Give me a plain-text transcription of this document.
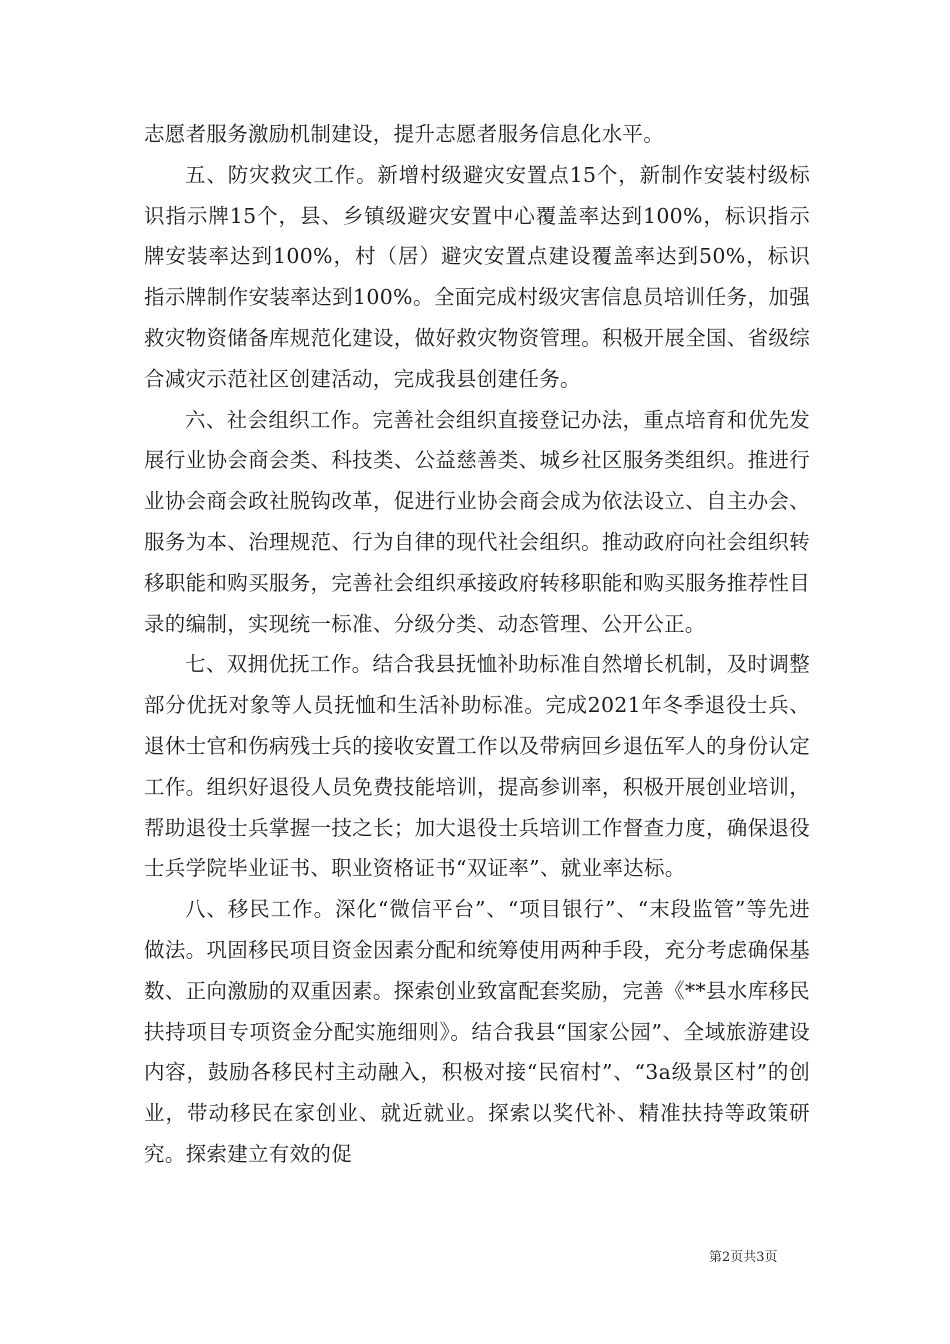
志愿者服务激励机制建设，提升志愿者服务信息化水平。

五、防灾救灾工作。新增村级避灾安置点15个，新制作安装村级标识指示牌15个，县、乡镇级避灾安置中心覆盖率达到100%，标识指示牌安装率达到100%，村（居）避灾安置点建设覆盖率达到50%，标识指示牌制作安装率达到100%。全面完成村级灾害信息员培训任务，加强救灾物资储备库规范化建设，做好救灾物资管理。积极开展全国、省级综合减灾示范社区创建活动，完成我县创建任务。

六、社会组织工作。完善社会组织直接登记办法，重点培育和优先发展行业协会商会类、科技类、公益慈善类、城乡社区服务类组织。推进行业协会商会政社脱钩改革，促进行业协会商会成为依法设立、自主办会、服务为本、治理规范、行为自律的现代社会组织。推动政府向社会组织转移职能和购买服务，完善社会组织承接政府转移职能和购买服务推荐性目录的编制，实现统一标准、分级分类、动态管理、公开公正。

七、双拥优抚工作。结合我县抚恤补助标准自然增长机制，及时调整部分优抚对象等人员抚恤和生活补助标准。完成2021年冬季退役士兵、退休士官和伤病残士兵的接收安置工作以及带病回乡退伍军人的身份认定工作。组织好退役人员免费技能培训，提高参训率，积极开展创业培训，帮助退役士兵掌握一技之长；加大退役士兵培训工作督查力度，确保退役士兵学院毕业证书、职业资格证书“双证率”、就业率达标。

八、移民工作。深化“微信平台”、“项目银行”、“末段监管”等先进做法。巩固移民项目资金因素分配和统筹使用两种手段，充分考虑确保基数、正向激励的双重因素。探索创业致富配套奖励，完善《**县水库移民扶持项目专项资金分配实施细则》。结合我县“国家公园”、全域旅游建设内容，鼓励各移民村主动融入，积极对接“民宿村”、“3a级景区村”的创业，带动移民在家创业、就近就业。探索以奖代补、精准扶持等政策研究。探索建立有效的促

第2页共3页
